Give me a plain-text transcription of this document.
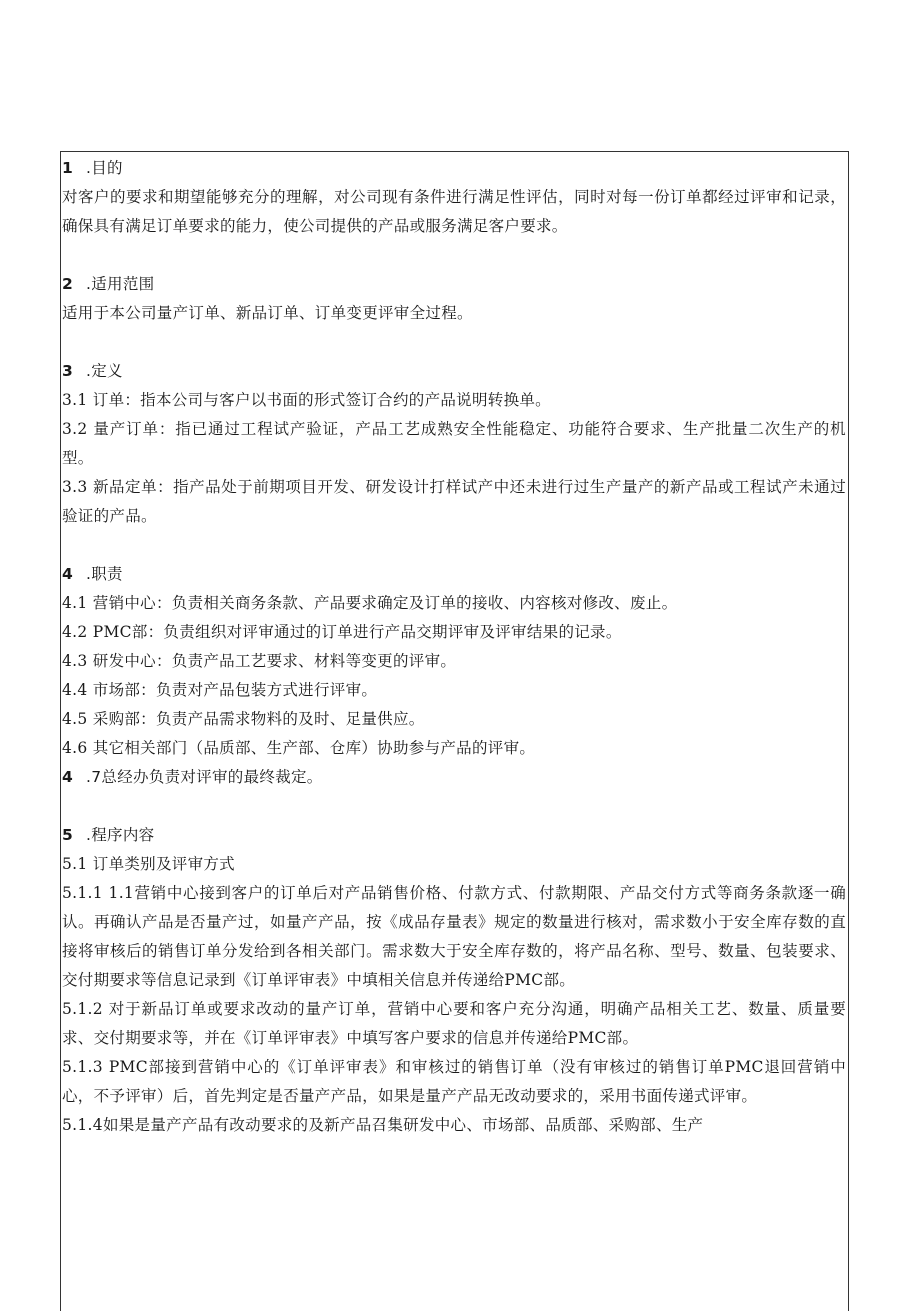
1 .目的

对客户的要求和期望能够充分的理解，对公司现有条件进行满足性评估，同时对每一份订单都经过评审和记录，确保具有满足订单要求的能力，使公司提供的产品或服务满足客户要求。

2 .适用范围

适用于本公司量产订单、新品订单、订单变更评审全过程。

3 .定义

3.1 订单：指本公司与客户以书面的形式签订合约的产品说明转换单。

3.2 量产订单：指已通过工程试产验证，产品工艺成熟安全性能稳定、功能符合要求、生产批量二次生产的机型。

3.3 新品定单：指产品处于前期项目开发、研发设计打样试产中还未进行过生产量产的新产品或工程试产未通过验证的产品。

4 .职责

4.1 营销中心：负责相关商务条款、产品要求确定及订单的接收、内容核对修改、废止。

4.2 PMC部：负责组织对评审通过的订单进行产品交期评审及评审结果的记录。

4.3 研发中心：负责产品工艺要求、材料等变更的评审。

4.4 市场部：负责对产品包装方式进行评审。

4.5 采购部：负责产品需求物料的及时、足量供应。

4.6 其它相关部门（品质部、生产部、仓库）协助参与产品的评审。

4 .7总经办负责对评审的最终裁定。
5 .程序内容

5.1 订单类别及评审方式

5.1.1 1.1营销中心接到客户的订单后对产品销售价格、付款方式、付款期限、产品交付方式等商务条款逐一确认。再确认产品是否量产过，如量产产品，按《成品存量表》规定的数量进行核对，需求数小于安全库存数的直接将审核后的销售订单分发给到各相关部门。需求数大于安全库存数的，将产品名称、型号、数量、包装要求、交付期要求等信息记录到《订单评审表》中填相关信息并传递给PMC部。

5.1.2 对于新品订单或要求改动的量产订单，营销中心要和客户充分沟通，明确产品相关工艺、数量、质量要求、交付期要求等，并在《订单评审表》中填写客户要求的信息并传递给PMC部。

5.1.3 PMC部接到营销中心的《订单评审表》和审核过的销售订单（没有审核过的销售订单PMC退回营销中心，不予评审）后，首先判定是否量产产品，如果是量产产品无改动要求的，采用书面传递式评审。

5.1.4如果是量产产品有改动要求的及新产品召集研发中心、市场部、品质部、采购部、生产
